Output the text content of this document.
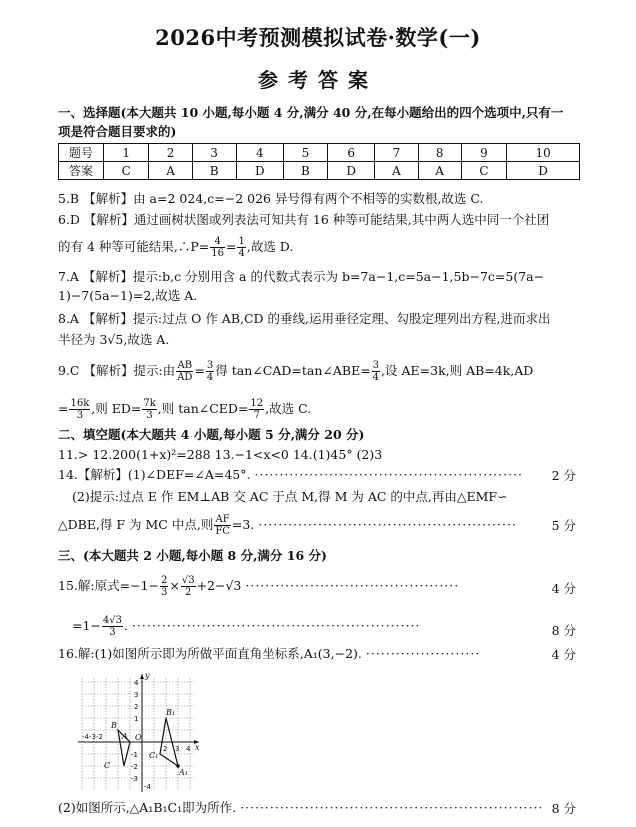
2026中考预测模拟试卷·数学(一)
参考答案
一、选择题(本大题共 10 小题,每小题 4 分,满分 40 分,在每小题给出的四个选项中,只有一
项是符合题目要求的)
题号	1	2	3	4	5	6	7	8	9	10
答案	C	A	B	D	B	D	A	A	C	D
5.B 【解析】由 a=2 024,c=−2 026 异号得有两个不相等的实数根,故选 C.
6.D 【解析】通过画树状图或列表法可知共有 16 种等可能结果,其中两人选中同一个社团
的有 4 种等可能结果,∴P= $\frac{4}{16} = \frac{1}{4}$ ,故选 D.
7.A 【解析】提示:b,c 分别用含 a 的代数式表示为 b=7a−1,c=5a−1,5b−7c=5(7a−
1)−7(5a−1)=2,故选 A.
8.A 【解析】提示:过点 O 作 AB,CD 的垂线,运用垂径定理、勾股定理列出方程,进而求出
半径为 3√5,故选 A.
9.C 【解析】提示:由 $\frac{AB}{AD} = \frac{3}{4}$ 得 tan∠CAD=tan∠ABE= $\frac{3}{4}$ ,设 AE=3k,则 AB=4k,AD
= $\frac{16k}{3}$ ,则 $ED= \frac{7k}{3}$ ,则 tan∠CED= $\frac{12}{7}$ ,故选 C.
二、填空题(本大题共 4 小题,每小题 5 分,满分 20 分)
11.> 12.200(1+x)²=288 13.−1<x<0 14.(1)45° (2)3
14.【解析】(1)∠DEF=∠A=45°. ······················································	2 分
(2)提示:过点 E 作 EM⊥AB 交 AC 于点 M,得 M 为 AC 的中点,再由△EMF∽
△DBE,得 F 为 MC 中点,则 $\frac{AF}{FC} =3$. ····················································	5 分
三、(本大题共 2 小题,每小题 8 分,满分 16 分)
15.解:原式$=-1- \frac{2}{3} \times \frac{√3}{2} +2-√3$ ···········································	4 分
$=1- \frac{4√3}{3}$ . ··························································	8 分
16.解:(1)如图所示即为所做平面直角坐标系,A₁(3,−2). ·······················	4 分
y
x
O
B
A
C
B₁
C₁
A₁
4
3
2
1
-1
-2
-3
-4
-4-3-2
2 3 4
(2)如图所示,△A₁B₁C₁即为所作. ····························································· 8 分
